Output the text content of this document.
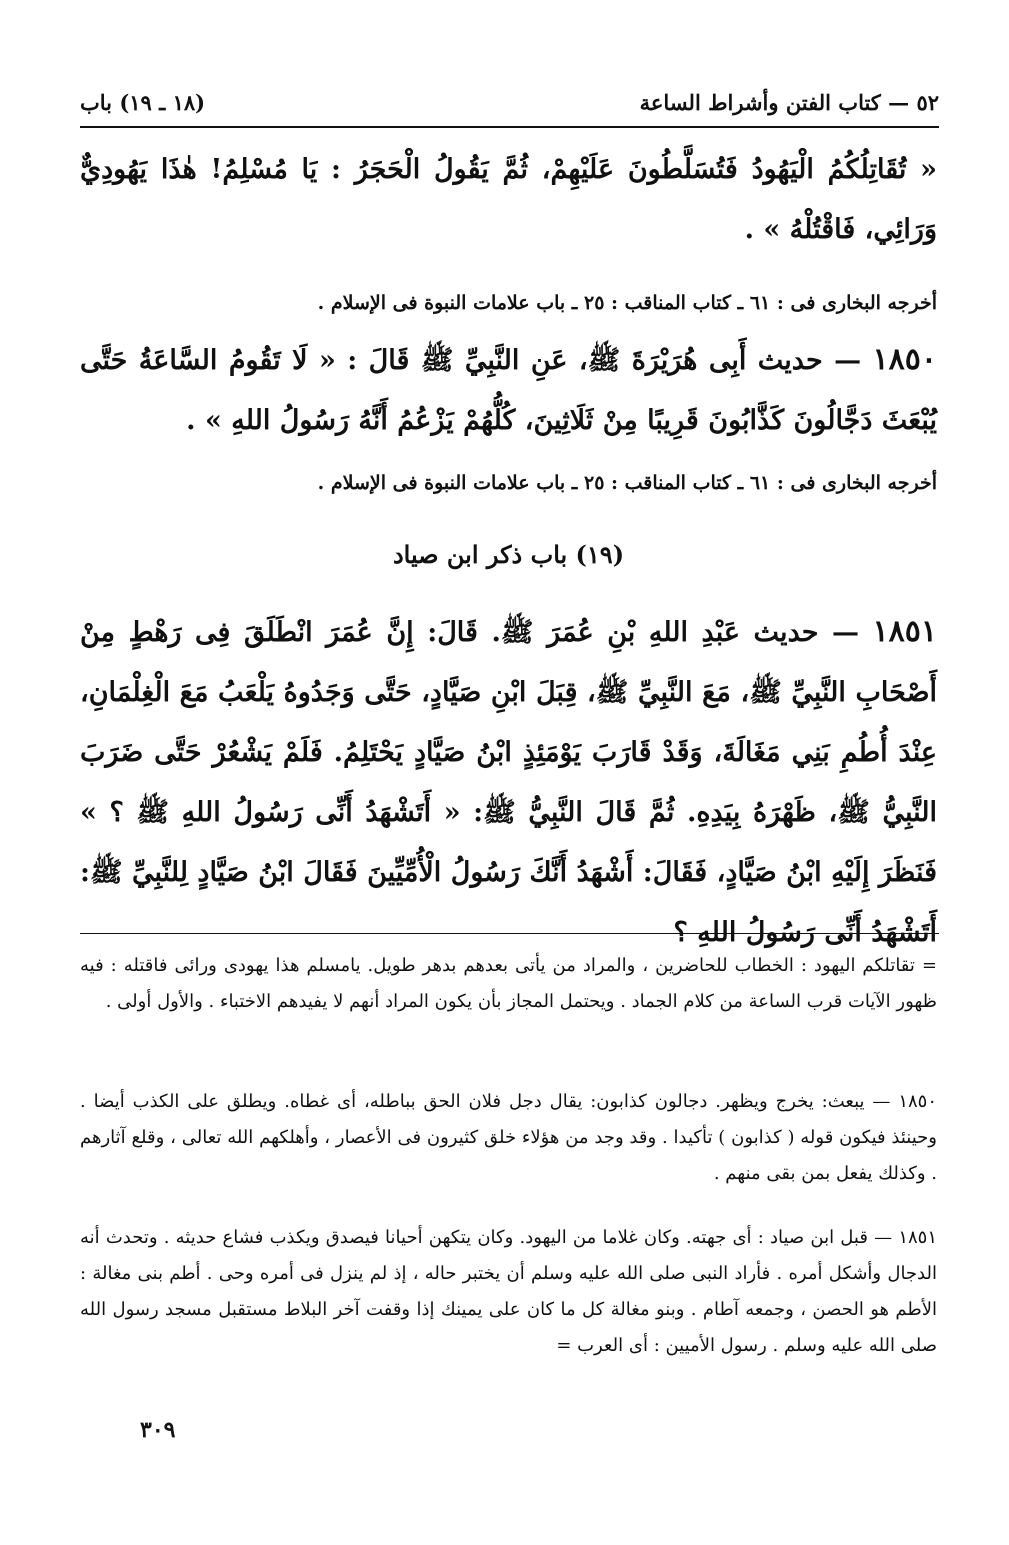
٥٢ — كتاب الفتن وأشراط الساعة
(١٨ ـ ١٩) باب
« تُقَاتِلُكُمُ الْيَهُودُ فَتُسَلَّطُونَ عَلَيْهِمْ، ثُمَّ يَقُولُ الْحَجَرُ : يَا مُسْلِمُ! هٰذَا يَهُودِيٌّ وَرَائِي، فَاقْتُلْهُ » .
أخرجه البخارى فى : ٦١ ـ كتاب المناقب : ٢٥ ـ باب علامات النبوة فى الإسلام .
١٨٥٠ — حديث أَبِى هُرَيْرَةَ ﷺ، عَنِ النَّبِيِّ ﷺ قَالَ : « لَا تَقُومُ السَّاعَةُ حَتَّى يُبْعَثَ دَجَّالُونَ كَذَّابُونَ قَرِيبًا مِنْ ثَلَاثِينَ، كُلُّهُمْ يَزْعُمُ أَنَّهُ رَسُولُ اللهِ » .
أخرجه البخارى فى : ٦١ ـ كتاب المناقب : ٢٥ ـ باب علامات النبوة فى الإسلام .
(١٩) باب ذكر ابن صياد
١٨٥١ — حديث عَبْدِ اللهِ بْنِ عُمَرَ ﷺ. قَالَ: إِنَّ عُمَرَ انْطَلَقَ فِى رَهْطٍ مِنْ أَصْحَابِ النَّبِيِّ ﷺ، مَعَ النَّبِيِّ ﷺ، قِبَلَ ابْنِ صَيَّادٍ، حَتَّى وَجَدُوهُ يَلْعَبُ مَعَ الْغِلْمَانِ، عِنْدَ أُطُمِ بَنِي مَغَالَةَ، وَقَدْ قَارَبَ يَوْمَئِذٍ ابْنُ صَيَّادٍ يَحْتَلِمُ. فَلَمْ يَشْعُرْ حَتَّى ضَرَبَ النَّبِيُّ ﷺ، ظَهْرَهُ بِيَدِهِ. ثُمَّ قَالَ النَّبِيُّ ﷺ: « أَتَشْهَدُ أَنِّى رَسُولُ اللهِ ﷺ ؟ » فَنَظَرَ إِلَيْهِ ابْنُ صَيَّادٍ، فَقَالَ: أَشْهَدُ أَنَّكَ رَسُولُ الْأُمِّيِّينَ فَقَالَ ابْنُ صَيَّادٍ لِلنَّبِيِّ ﷺ: أَتَشْهَدُ أَنِّى رَسُولُ اللهِ ؟
= تقاتلكم اليهود : الخطاب للحاضرين ، والمراد من يأتى بعدهم بدهر طويل. يامسلم هذا يهودى ورائى فاقتله : فيه ظهور الآيات قرب الساعة من كلام الجماد . ويحتمل المجاز بأن يكون المراد أنهم لا يفيدهم الاختباء . والأول أولى .
١٨٥٠ — يبعث: يخرج ويظهر. دجالون كذابون: يقال دجل فلان الحق بباطله، أى غطاه. ويطلق على الكذب أيضا . وحينئذ فيكون قوله ( كذابون ) تأكيدا . وقد وجد من هؤلاء خلق كثيرون فى الأعصار ، وأهلكهم الله تعالى ، وقلع آثارهم . وكذلك يفعل بمن بقى منهم .
١٨٥١ — قبل ابن صياد : أى جهته. وكان غلاما من اليهود. وكان يتكهن أحيانا فيصدق ويكذب فشاع حديثه . وتحدث أنه الدجال وأشكل أمره . فأراد النبى صلى الله عليه وسلم أن يختبر حاله ، إذ لم ينزل فى أمره وحى . أطم بنى مغالة : الأطم هو الحصن ، وجمعه آطام . وبنو مغالة كل ما كان على يمينك إذا وقفت آخر البلاط مستقبل مسجد رسول الله صلى الله عليه وسلم . رسول الأميين : أى العرب =
٣٠٩
